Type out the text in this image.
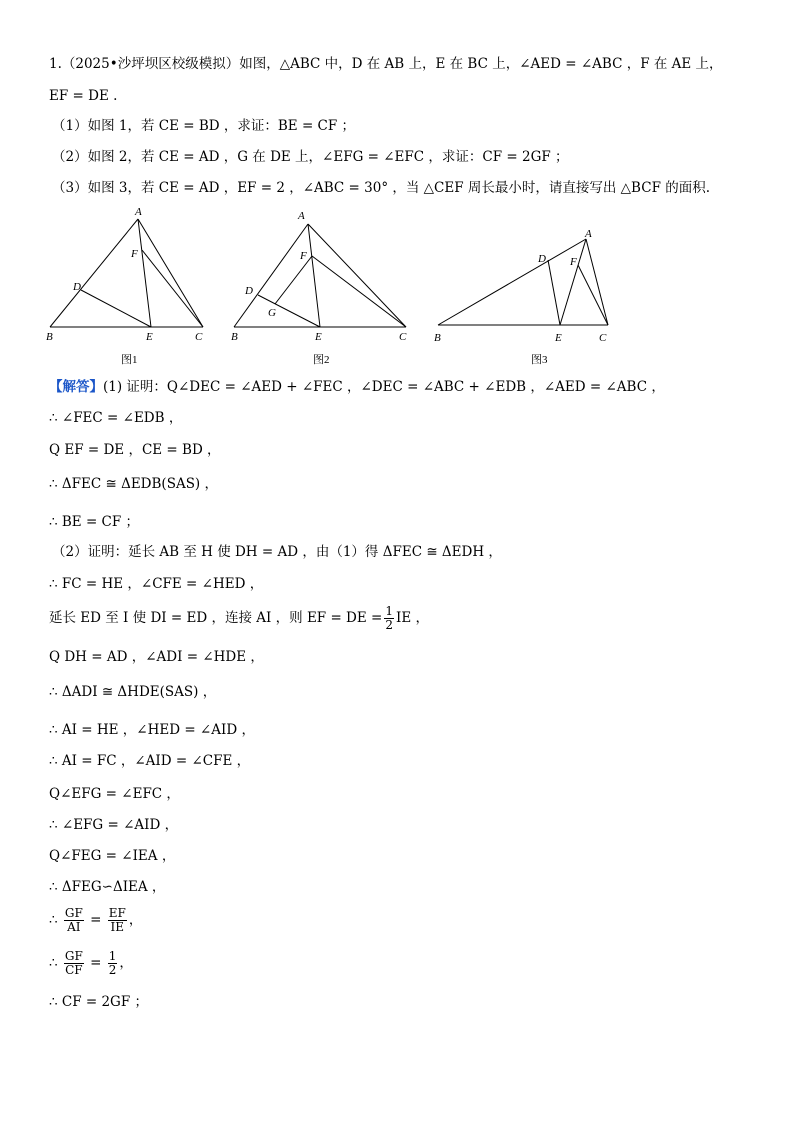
1.（2025•沙坪坝区校级模拟）如图，△ABC 中，D 在 AB 上，E 在 BC 上，∠AED = ∠ABC ，F 在 AE 上，
EF = DE .
（1）如图 1，若 CE = BD ，求证：BE = CF ；
（2）如图 2，若 CE = AD ，G 在 DE 上，∠EFG = ∠EFC ，求证：CF = 2GF ；
（3）如图 3，若 CE = AD ，EF = 2 ，∠ABC = 30° ，当 △CEF 周长最小时，请直接写出 △BCF 的面积.
A
B	C
D
E
F
图1
A
B	C
D
E
F
G
图2
A
B	C
D
E
F
图3
【解答】(1) 证明：Q∠DEC = ∠AED + ∠FEC ，∠DEC = ∠ABC + ∠EDB ，∠AED = ∠ABC ，
∴ ∠FEC = ∠EDB ，
Q EF = DE ，CE = BD ，
∴ ΔFEC ≅ ΔEDB(SAS) ，
∴ BE = CF ；
（2）证明：延长 AB 至 H 使 DH = AD ，由（1）得 ΔFEC ≅ ΔEDH ，
∴ FC = HE ，∠CFE = ∠HED ，
延长 ED 至 I 使 DI = ED ，连接 AI ，则 EF = DE = $\frac{1}{2}$ IE ，
Q DH = AD ，∠ADI = ∠HDE ，
∴ ΔADI ≅ ΔHDE(SAS) ，
∴ AI = HE ，∠HED = ∠AID ，
∴ AI = FC ，∠AID = ∠CFE ，
Q∠EFG = ∠EFC ，
∴ ∠EFG = ∠AID ，
Q∠FEG = ∠IEA ，
∴ ΔFEG∽ΔIEA ，
∴ $\frac{GF}{AI} = \frac{EF}{IE}$ ，
∴ $\frac{GF}{CF} = \frac{1}{2}$ ，
∴ CF = 2GF ；
